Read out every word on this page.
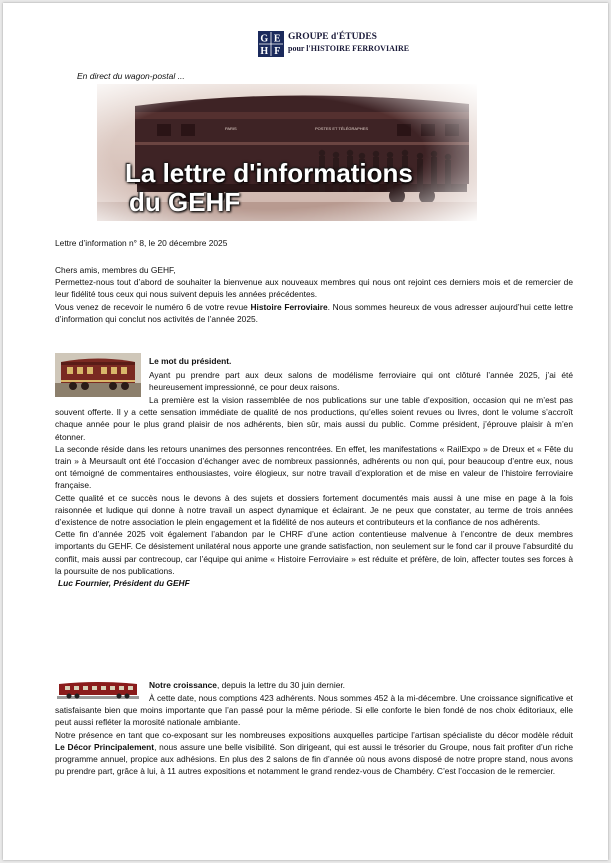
G E
H F
GROUPE d'ÉTUDES
pour l'HISTOIRE FERROVIAIRE
En direct du wagon-postal ...
La lettre d'informations
du GEHF
Lettre d’information n° 8, le 20 décembre 2025

Chers amis, membres du GEHF,

Permettez-nous tout d’abord de souhaiter la bienvenue aux nouveaux membres qui nous ont rejoint ces derniers mois et de remercier de leur fidélité tous ceux qui nous suivent depuis les années précédentes.

Vous venez de recevoir le numéro 6 de votre revue Histoire Ferroviaire. Nous sommes heureux de vous adresser aujourd’hui cette lettre d’information qui conclut nos activités de l’année 2025.

Le mot du président.
Ayant pu prendre part aux deux salons de modélisme ferroviaire qui ont clôturé l’année 2025, j’ai été heureusement impressionné, ce pour deux raisons.

La première est la vision rassemblée de nos publications sur une table d’exposition, occasion qui ne m’est pas souvent offerte. Il y a cette sensation immédiate de qualité de nos productions, qu’elles soient revues ou livres, dont le volume s’accroît chaque année pour le plus grand plaisir de nos adhérents, bien sûr, mais aussi du public. Comme président, j’éprouve plaisir à m’en étonner.

La seconde réside dans les retours unanimes des personnes rencontrées. En effet, les manifestations « RailExpo » de Dreux et « Fête du train » à Meursault ont été l’occasion d’échanger avec de nombreux passionnés, adhérents ou non qui, pour beaucoup d’entre eux, nous ont témoigné de commentaires enthousiastes, voire élogieux, sur notre travail d’exploration et de mise en valeur de l’histoire ferroviaire française.

Cette qualité et ce succès nous le devons à des sujets et dossiers fortement documentés mais aussi à une mise en page à la fois raisonnée et ludique qui donne à notre travail un aspect dynamique et éclairant. Je ne peux que constater, au terme de trois années d’existence de notre association le plein engagement et la fidélité de nos auteurs et contributeurs et la confiance de nos adhérents.

Cette fin d’année 2025 voit également l’abandon par le CHRF d’une action contentieuse malvenue à l’encontre de deux membres importants du GEHF. Ce désistement unilatéral nous apporte une grande satisfaction, non seulement sur le fond car il prouve l’absurdité du conflit, mais aussi par contrecoup, car l’équipe qui anime « Histoire Ferroviaire » est réduite et préfère, de loin, affecter toutes ses forces à la poursuite de nos publications.

Luc Fournier, Président du GEHF

Notre croissance, depuis la lettre du 30 juin dernier.

À cette date, nous comptions 423 adhérents. Nous sommes 452 à la mi-décembre. Une croissance significative et satisfaisante bien que moins importante que l’an passé pour la même période. Si elle conforte le bien fondé de nos choix éditoriaux, elle peut aussi refléter la morosité nationale ambiante.

Notre présence en tant que co-exposant sur les nombreuses expositions auxquelles participe l’artisan spécialiste du décor modèle réduit Le Décor Principalement, nous assure une belle visibilité. Son dirigeant, qui est aussi le trésorier du Groupe, nous fait profiter d’un riche programme annuel, propice aux adhésions. En plus des 2 salons de fin d’année où nous avons disposé de notre propre stand, nous avons pu prendre part, grâce à lui, à 11 autres expositions et notamment le grand rendez-vous de Chambéry. C’est l’occasion de le remercier.
